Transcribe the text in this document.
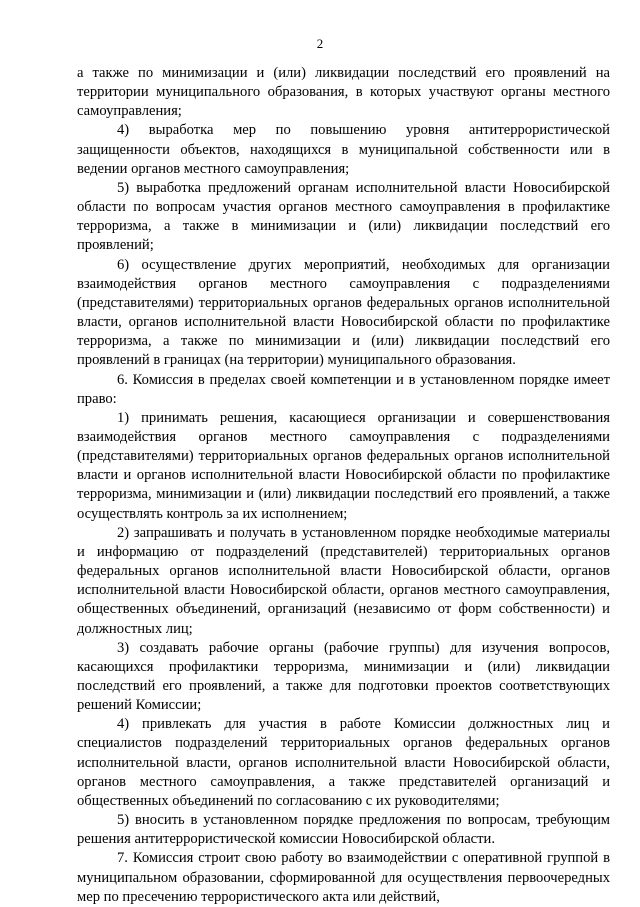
2

а также по минимизации и (или) ликвидации последствий его проявлений на территории муниципального образования, в которых участвуют органы местного самоуправления;

4) выработка мер по повышению уровня антитеррористической защищенности объектов, находящихся в муниципальной собственности или в ведении органов местного самоуправления;

5) выработка предложений органам исполнительной власти Новосибирской области по вопросам участия органов местного самоуправления в профилактике терроризма, а также в минимизации и (или) ликвидации последствий его проявлений;

6) осуществление других мероприятий, необходимых для организации взаимодействия органов местного самоуправления с подразделениями (представителями) территориальных органов федеральных органов исполнительной власти, органов исполнительной власти Новосибирской области по профилактике терроризма, а также по минимизации и (или) ликвидации последствий его проявлений в границах (на территории) муниципального образования.

6. Комиссия в пределах своей компетенции и в установленном порядке имеет право:

1) принимать решения, касающиеся организации и совершенствования взаимодействия органов местного самоуправления с подразделениями (представителями) территориальных органов федеральных органов исполнительной власти и органов исполнительной власти Новосибирской области по профилактике терроризма, минимизации и (или) ликвидации последствий его проявлений, а также осуществлять контроль за их исполнением;

2) запрашивать и получать в установленном порядке необходимые материалы и информацию от подразделений (представителей) территориальных органов федеральных органов исполнительной власти Новосибирской области, органов исполнительной власти Новосибирской области, органов местного самоуправления, общественных объединений, организаций (независимо от форм собственности) и должностных лиц;

3) создавать рабочие органы (рабочие группы) для изучения вопросов, касающихся профилактики терроризма, минимизации и (или) ликвидации последствий его проявлений, а также для подготовки проектов соответствующих решений Комиссии;

4) привлекать для участия в работе Комиссии должностных лиц и специалистов подразделений территориальных органов федеральных органов исполнительной власти, органов исполнительной власти Новосибирской области, органов местного самоуправления, а также представителей организаций и общественных объединений по согласованию с их руководителями;

5) вносить в установленном порядке предложения по вопросам, требующим решения антитеррористической комиссии Новосибирской области.

7. Комиссия строит свою работу во взаимодействии с оперативной группой в муниципальном образовании, сформированной для осуществления первоочередных мер по пресечению террористического акта или действий,
